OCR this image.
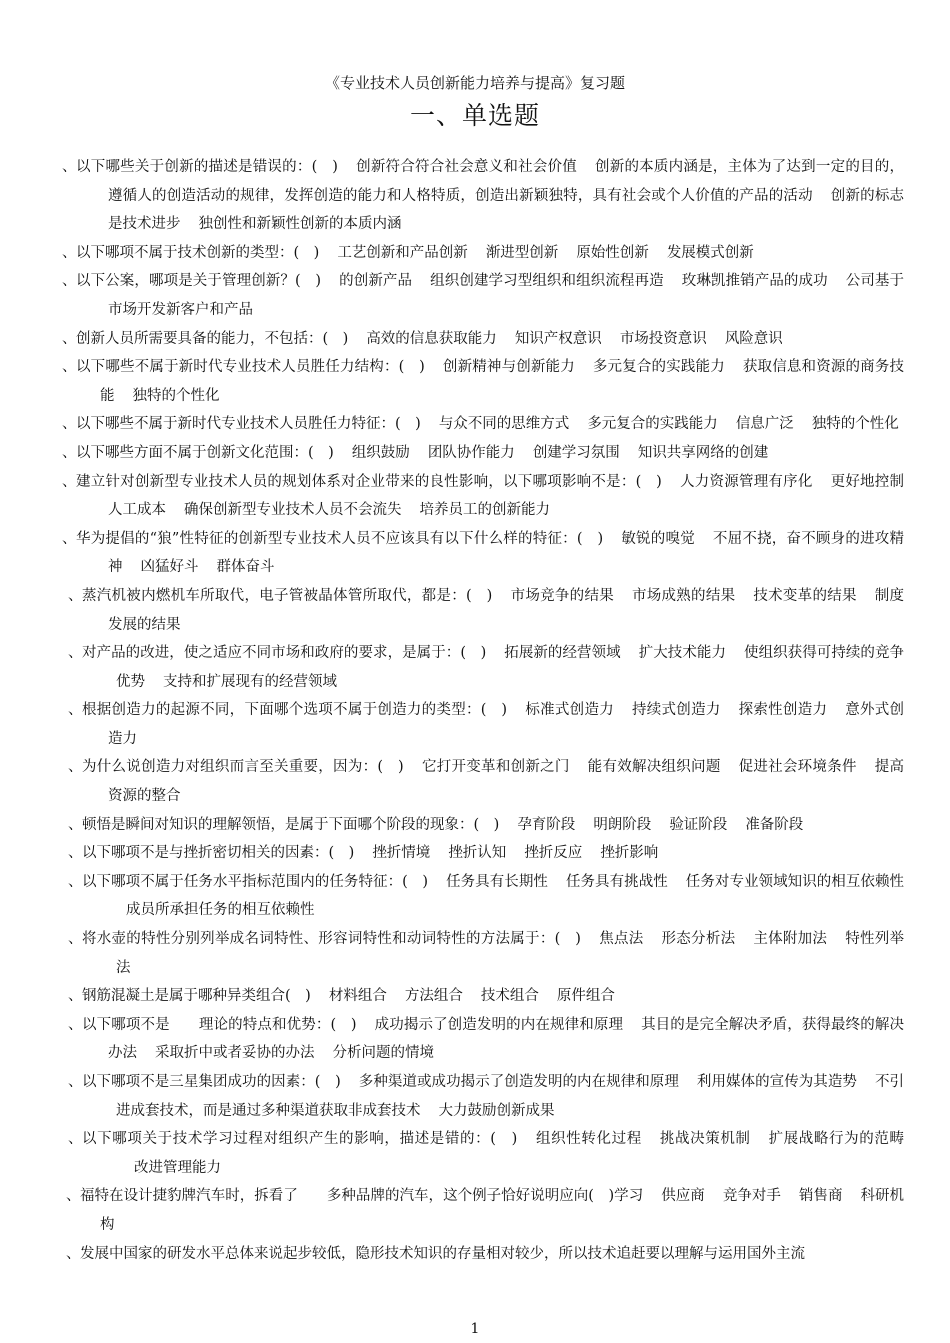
《专业技术人员创新能力培养与提高》复习题
一、单选题
、 以下哪些关于创新的描述是错误的：(　) 创新符合符合社会意义和社会价值 创新的本质内涵是，主体为了达到一定的目的，遵循人的创造活动的规律，发挥创造的能力和人格特质，创造出新颖独特，具有社会或个人价值的产品的活动 创新的标志是技术进步 独创性和新颖性创新的本质内涵
、 以下哪项不属于技术创新的类型：(　) 工艺创新和产品创新 渐进型创新 原始性创新 发展模式创新
、 以下公案，哪项是关于管理创新？(　) 的创新产品 组织创建学习型组织和组织流程再造 玫琳凯推销产品的成功 公司基于市场开发新客户和产品
、 创新人员所需要具备的能力，不包括：(　) 高效的信息获取能力 知识产权意识 市场投资意识 风险意识
、 以下哪些不属于新时代专业技术人员胜任力结构：(　) 创新精神与创新能力 多元复合的实践能力 获取信息和资源的商务技能 独特的个性化
、 以下哪些不属于新时代专业技术人员胜任力特征：(　) 与众不同的思维方式 多元复合的实践能力 信息广泛 独特的个性化
、 以下哪些方面不属于创新文化范围：(　) 组织鼓励 团队协作能力 创建学习氛围 知识共享网络的创建
、 建立针对创新型专业技术人员的规划体系对企业带来的良性影响，以下哪项影响不是：(　) 人力资源管理有序化 更好地控制人工成本 确保创新型专业技术人员不会流失 培养员工的创新能力
、 华为提倡的“狼”性特征的创新型专业技术人员不应该具有以下什么样的特征：(　) 敏锐的嗅觉 不屈不挠，奋不顾身的进攻精神 凶猛好斗 群体奋斗
、 蒸汽机被内燃机车所取代，电子管被晶体管所取代，都是：(　) 市场竞争的结果 市场成熟的结果 技术变革的结果 制度发展的结果
、 对产品的改进，使之适应不同市场和政府的要求，是属于：(　) 拓展新的经营领域 扩大技术能力 使组织获得可持续的竞争优势 支持和扩展现有的经营领域
、 根据创造力的起源不同，下面哪个选项不属于创造力的类型：(　) 标准式创造力 持续式创造力 探索性创造力 意外式创造力
、 为什么说创造力对组织而言至关重要，因为：(　) 它打开变革和创新之门 能有效解决组织问题 促进社会环境条件 提高资源的整合
、 顿悟是瞬间对知识的理解领悟，是属于下面哪个阶段的现象：(　) 孕育阶段 明朗阶段 验证阶段 准备阶段
、 以下哪项不是与挫折密切相关的因素：(　) 挫折情境 挫折认知 挫折反应 挫折影响
、 以下哪项不属于任务水平指标范围内的任务特征：(　) 任务具有长期性 任务具有挑战性 任务对专业领域知识的相互依赖性成员所承担任务的相互依赖性
、 将水壶的特性分别列举成名词特性、形容词特性和动词特性的方法属于：(　) 焦点法 形态分析法 主体附加法 特性列举法
、 钢筋混凝土是属于哪种异类组合(　) 材料组合 方法组合 技术组合 原件组合
、 以下哪项不是　　理论的特点和优势：(　) 成功揭示了创造发明的内在规律和原理 其目的是完全解决矛盾，获得最终的解决办法 采取折中或者妥协的办法 分析问题的情境
、 以下哪项不是三星集团成功的因素：(　) 多种渠道或成功揭示了创造发明的内在规律和原理 利用媒体的宣传为其造势 不引进成套技术，而是通过多种渠道获取非成套技术 大力鼓励创新成果
、 以下哪项关于技术学习过程对组织产生的影响，描述是错的：(　) 组织性转化过程 挑战决策机制 扩展战略行为的范畴改进管理能力
、 福特在设计捷豹牌汽车时，拆看了　　多种品牌的汽车，这个例子恰好说明应向(　)学习 供应商 竞争对手 销售商 科研机构
、 发展中国家的研发水平总体来说起步较低，隐形技术知识的存量相对较少，所以技术追赶要以理解与运用国外主流
1
